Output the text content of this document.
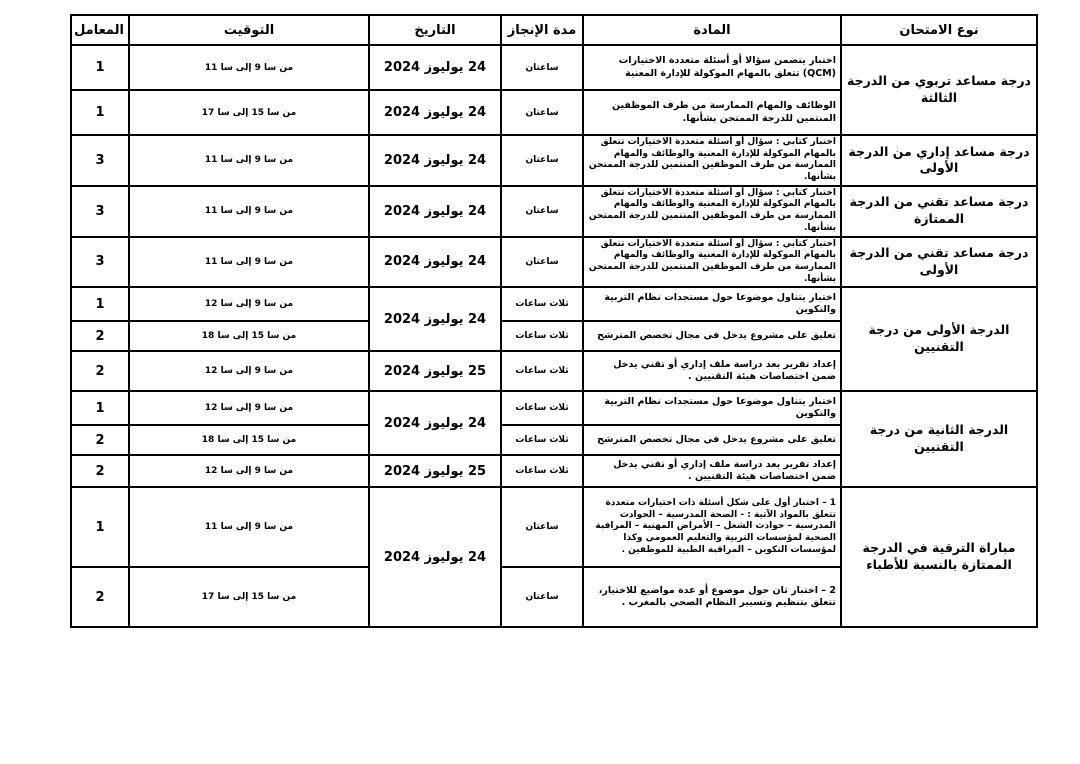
نوع الامتحان	المادة	مدة الإنجاز	التاريخ	التوقيت	المعامل
درجة مساعد تربوي من الدرجة الثالثة	اختبار يتضمن سؤالا أو أسئلة متعددة الاختيارات (QCM) تتعلق بالمهام الموكولة للإدارة المعنية	ساعتان	24 يوليوز 2024	من سا 9 إلى سا 11	1
	الوظائف والمهام الممارسة من طرف الموظفين المنتمين للدرجة الممتحن بشأنها.	ساعتان	24 يوليوز 2024	من سا 15 إلى سا 17	1
درجة مساعد إداري من الدرجة الأولى	اختبار كتابي : سؤال أو أسئلة متعددة الاختيارات تتعلق بالمهام الموكولة للإدارة المعنية والوظائف والمهام الممارسة من طرف الموظفين المنتمين للدرجة الممتحن بشأنها.	ساعتان	24 يوليوز 2024	من سا 9 إلى سا 11	3
درجة مساعد تقني من الدرجة الممتازة	اختبار كتابي : سؤال أو أسئلة متعددة الاختيارات تتعلق بالمهام الموكولة للإدارة المعنية والوظائف والمهام الممارسة من طرف الموظفين المنتمين للدرجة الممتحن بشأنها.	ساعتان	24 يوليوز 2024	من سا 9 إلى سا 11	3
درجة مساعد تقني من الدرجة الأولى	اختبار كتابي : سؤال أو أسئلة متعددة الاختيارات تتعلق بالمهام الموكولة للإدارة المعنية والوظائف والمهام الممارسة من طرف الموظفين المنتمين للدرجة الممتحن بشأنها.	ساعتان	24 يوليوز 2024	من سا 9 إلى سا 11	3
الدرجة الأولى من درجة التقنيين	اختبار يتناول موضوعا حول مستجدات نظام التربية والتكوين	ثلاث ساعات	24 يوليوز 2024	من سا 9 إلى سا 12	1
	تعليق على مشروع يدخل في مجال تخصص المترشح	ثلاث ساعات		من سا 15 إلى سا 18	2
	إعداد تقرير بعد دراسة ملف إداري أو تقني يدخل ضمن اختصاصات هيئة التقنيين .	ثلاث ساعات	25 يوليوز 2024	من سا 9 إلى سا 12	2
الدرجة الثانية من درجة التقنيين	اختبار يتناول موضوعا حول مستجدات نظام التربية والتكوين	ثلاث ساعات	24 يوليوز 2024	من سا 9 إلى سا 12	1
	تعليق على مشروع يدخل في مجال تخصص المترشح	ثلاث ساعات		من سا 15 إلى سا 18	2
	إعداد تقرير بعد دراسة ملف إداري أو تقني يدخل ضمن اختصاصات هيئة التقنيين .	ثلاث ساعات	25 يوليوز 2024	من سا 9 إلى سا 12	2
مباراة الترقية في الدرجة الممتازة بالنسبة للأطباء	1 – اختبار أول على شكل أسئلة ذات اختيارات متعددة تتعلق بالمواد الآتية : - الصحة المدرسية – الحوادث المدرسية – حوادث الشغل – الأمراض المهنية – المراقبة الصحية لمؤسسات التربية والتعليم العمومي وكذا لمؤسسات التكوين – المراقبة الطبية للموظفين .	ساعتان	24 يوليوز 2024	من سا 9 إلى سا 11	1
	2 – اختبار ثان حول موضوع أو عدة مواضيع للاختيار، تتعلق بتنظيم وتسيير النظام الصحي بالمغرب .	ساعتان		من سا 15 إلى سا 17	2
